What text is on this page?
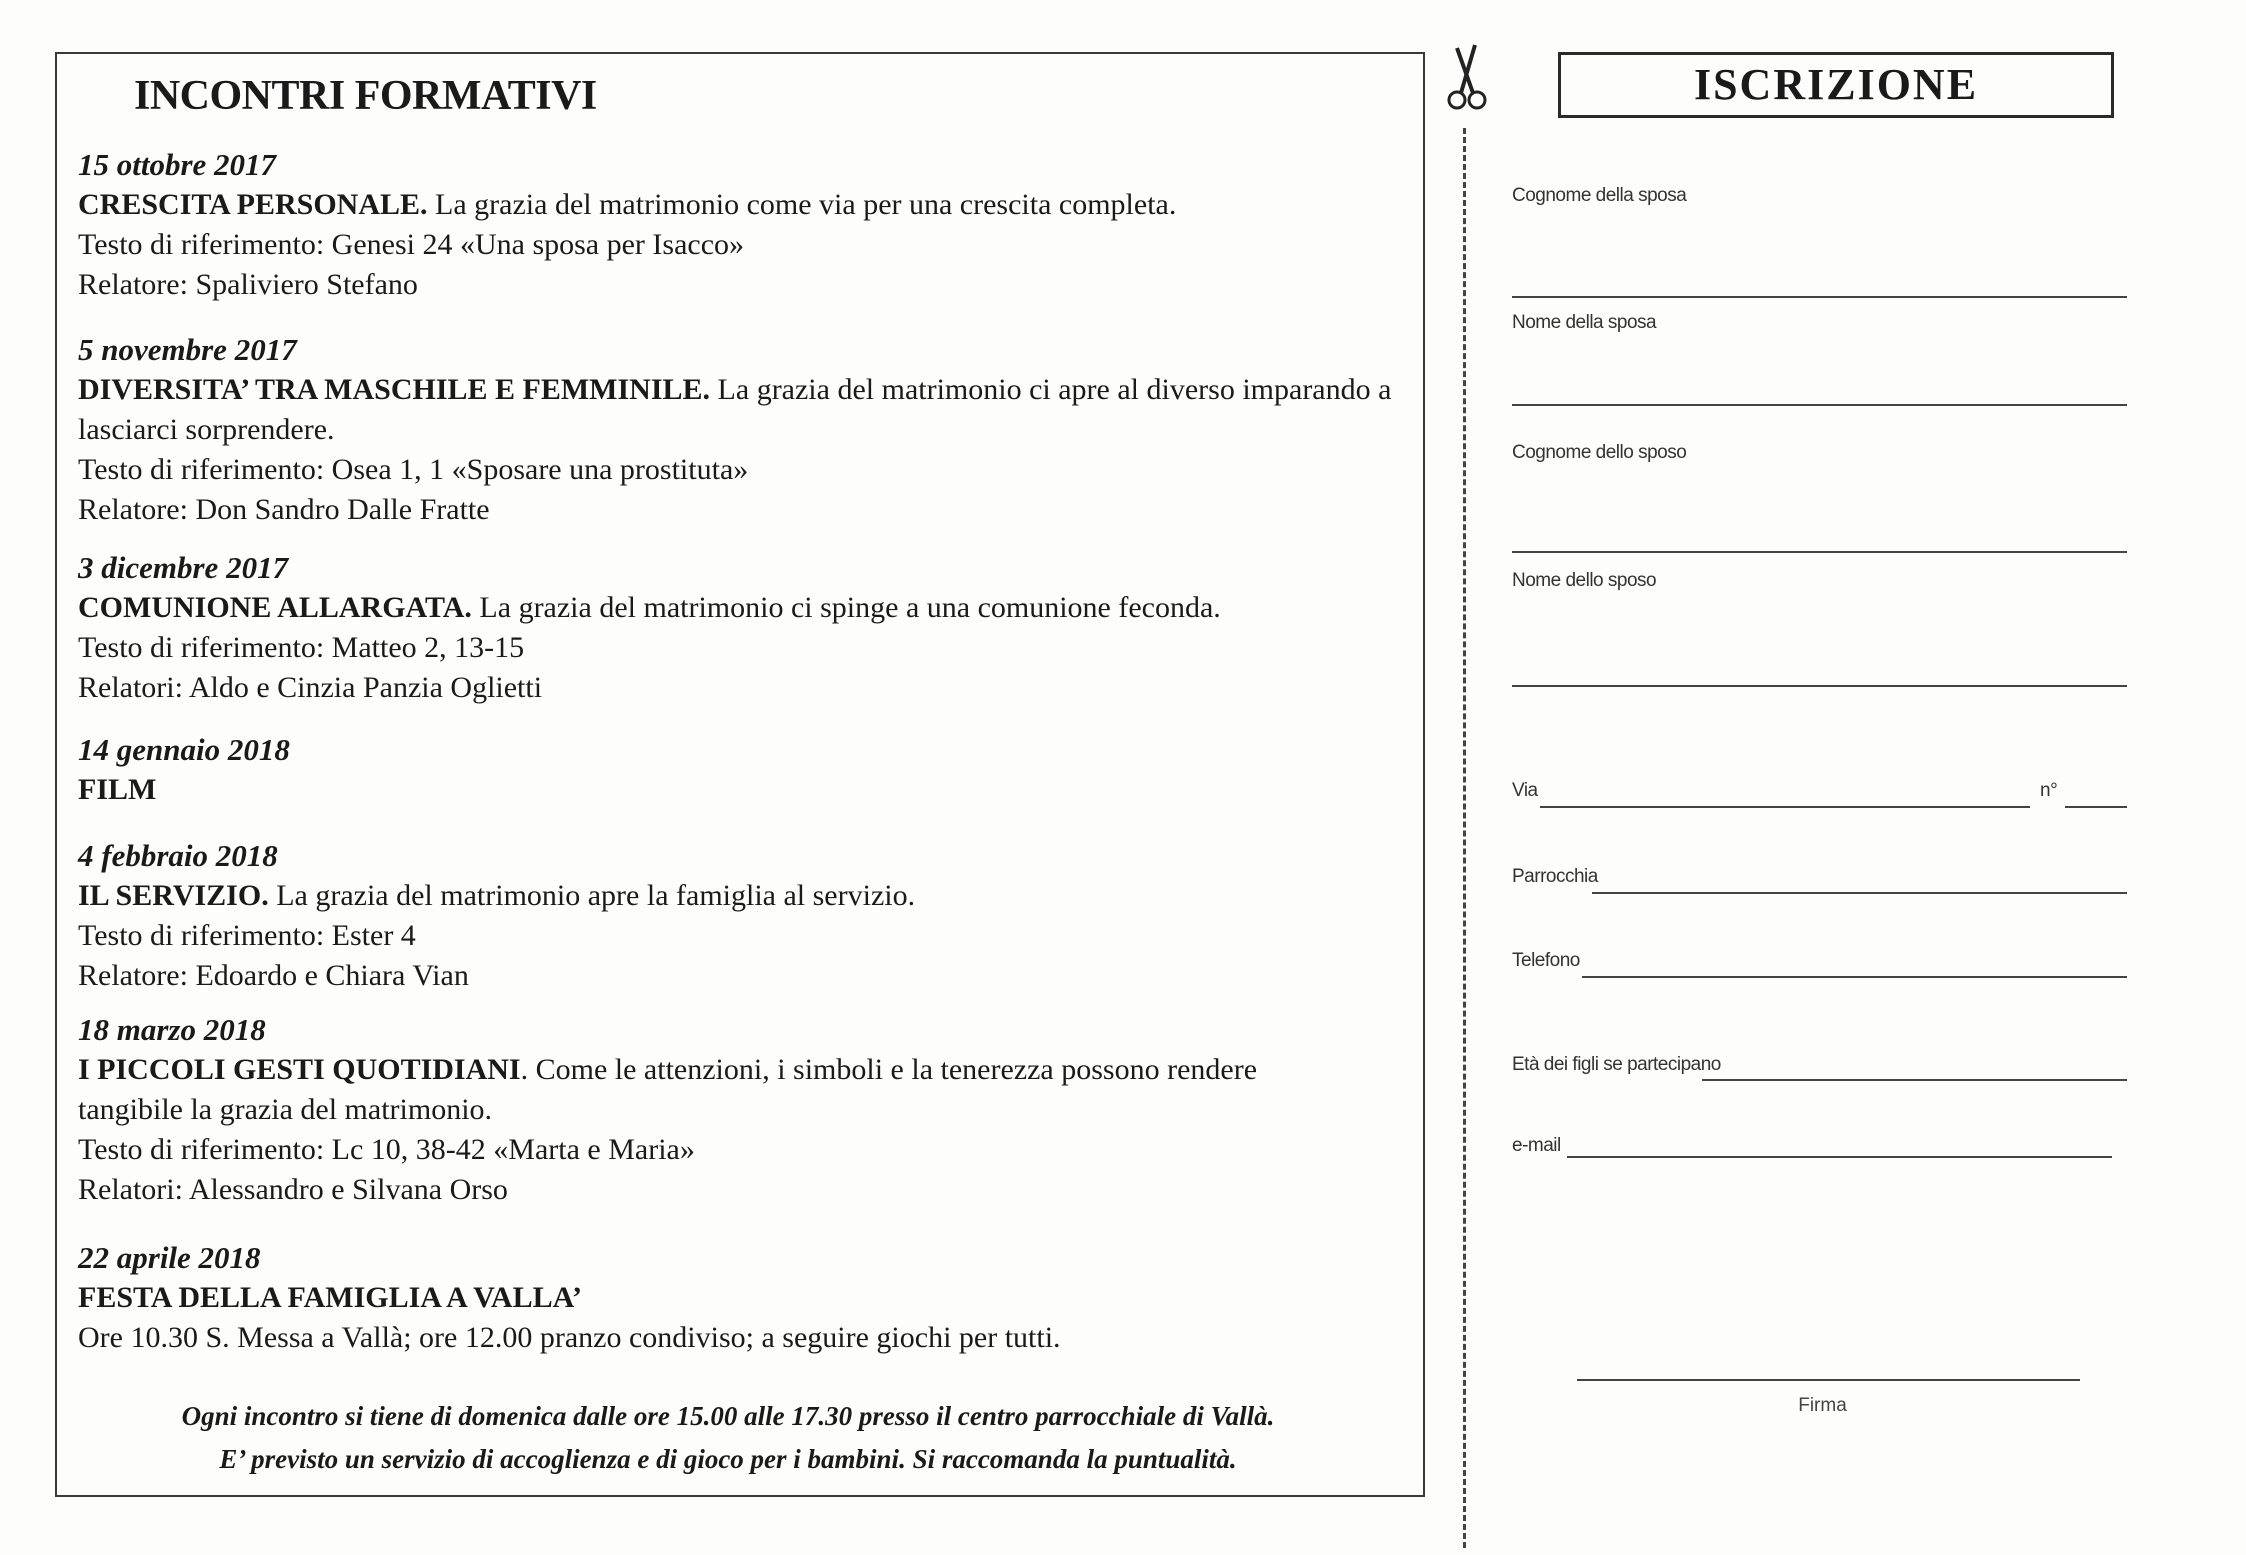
INCONTRI FORMATIVI
15 ottobre 2017
CRESCITA PERSONALE. La grazia del matrimonio come via per una crescita completa.
Testo di riferimento: Genesi 24 «Una sposa per Isacco»
Relatore: Spaliviero Stefano
5 novembre 2017
DIVERSITA’ TRA MASCHILE E FEMMINILE. La grazia del matrimonio ci apre al diverso imparando a lasciarci sorprendere.
Testo di riferimento: Osea 1, 1 «Sposare una prostituta»
Relatore: Don Sandro Dalle Fratte
3 dicembre 2017
COMUNIONE ALLARGATA. La grazia del matrimonio ci spinge a una comunione feconda.
Testo di riferimento: Matteo 2, 13-15
Relatori: Aldo e Cinzia Panzia Oglietti
14 gennaio 2018
FILM
4 febbraio 2018
IL SERVIZIO. La grazia del matrimonio apre la famiglia al servizio.
Testo di riferimento: Ester 4
Relatore: Edoardo e Chiara Vian
18 marzo 2018
I PICCOLI GESTI QUOTIDIANI. Come le attenzioni, i simboli e la tenerezza possono rendere tangibile la grazia del matrimonio.
Testo di riferimento: Lc 10, 38-42 «Marta e Maria»
Relatori: Alessandro e Silvana Orso
22 aprile 2018
FESTA DELLA FAMIGLIA A VALLA’
Ore 10.30 S. Messa a Vallà; ore 12.00 pranzo condiviso; a seguire giochi per tutti.
Ogni incontro si tiene di domenica dalle ore 15.00 alle 17.30 presso il centro parrocchiale di Vallà.
E’ previsto un servizio di accoglienza e di gioco per i bambini. Si raccomanda la puntualità.
ISCRIZIONE
Cognome della sposa
Nome della sposa
Cognome dello sposo
Nome dello sposo
Via	n°
Parrocchia
Telefono
Età dei figli se partecipano
e-mail
Firma
